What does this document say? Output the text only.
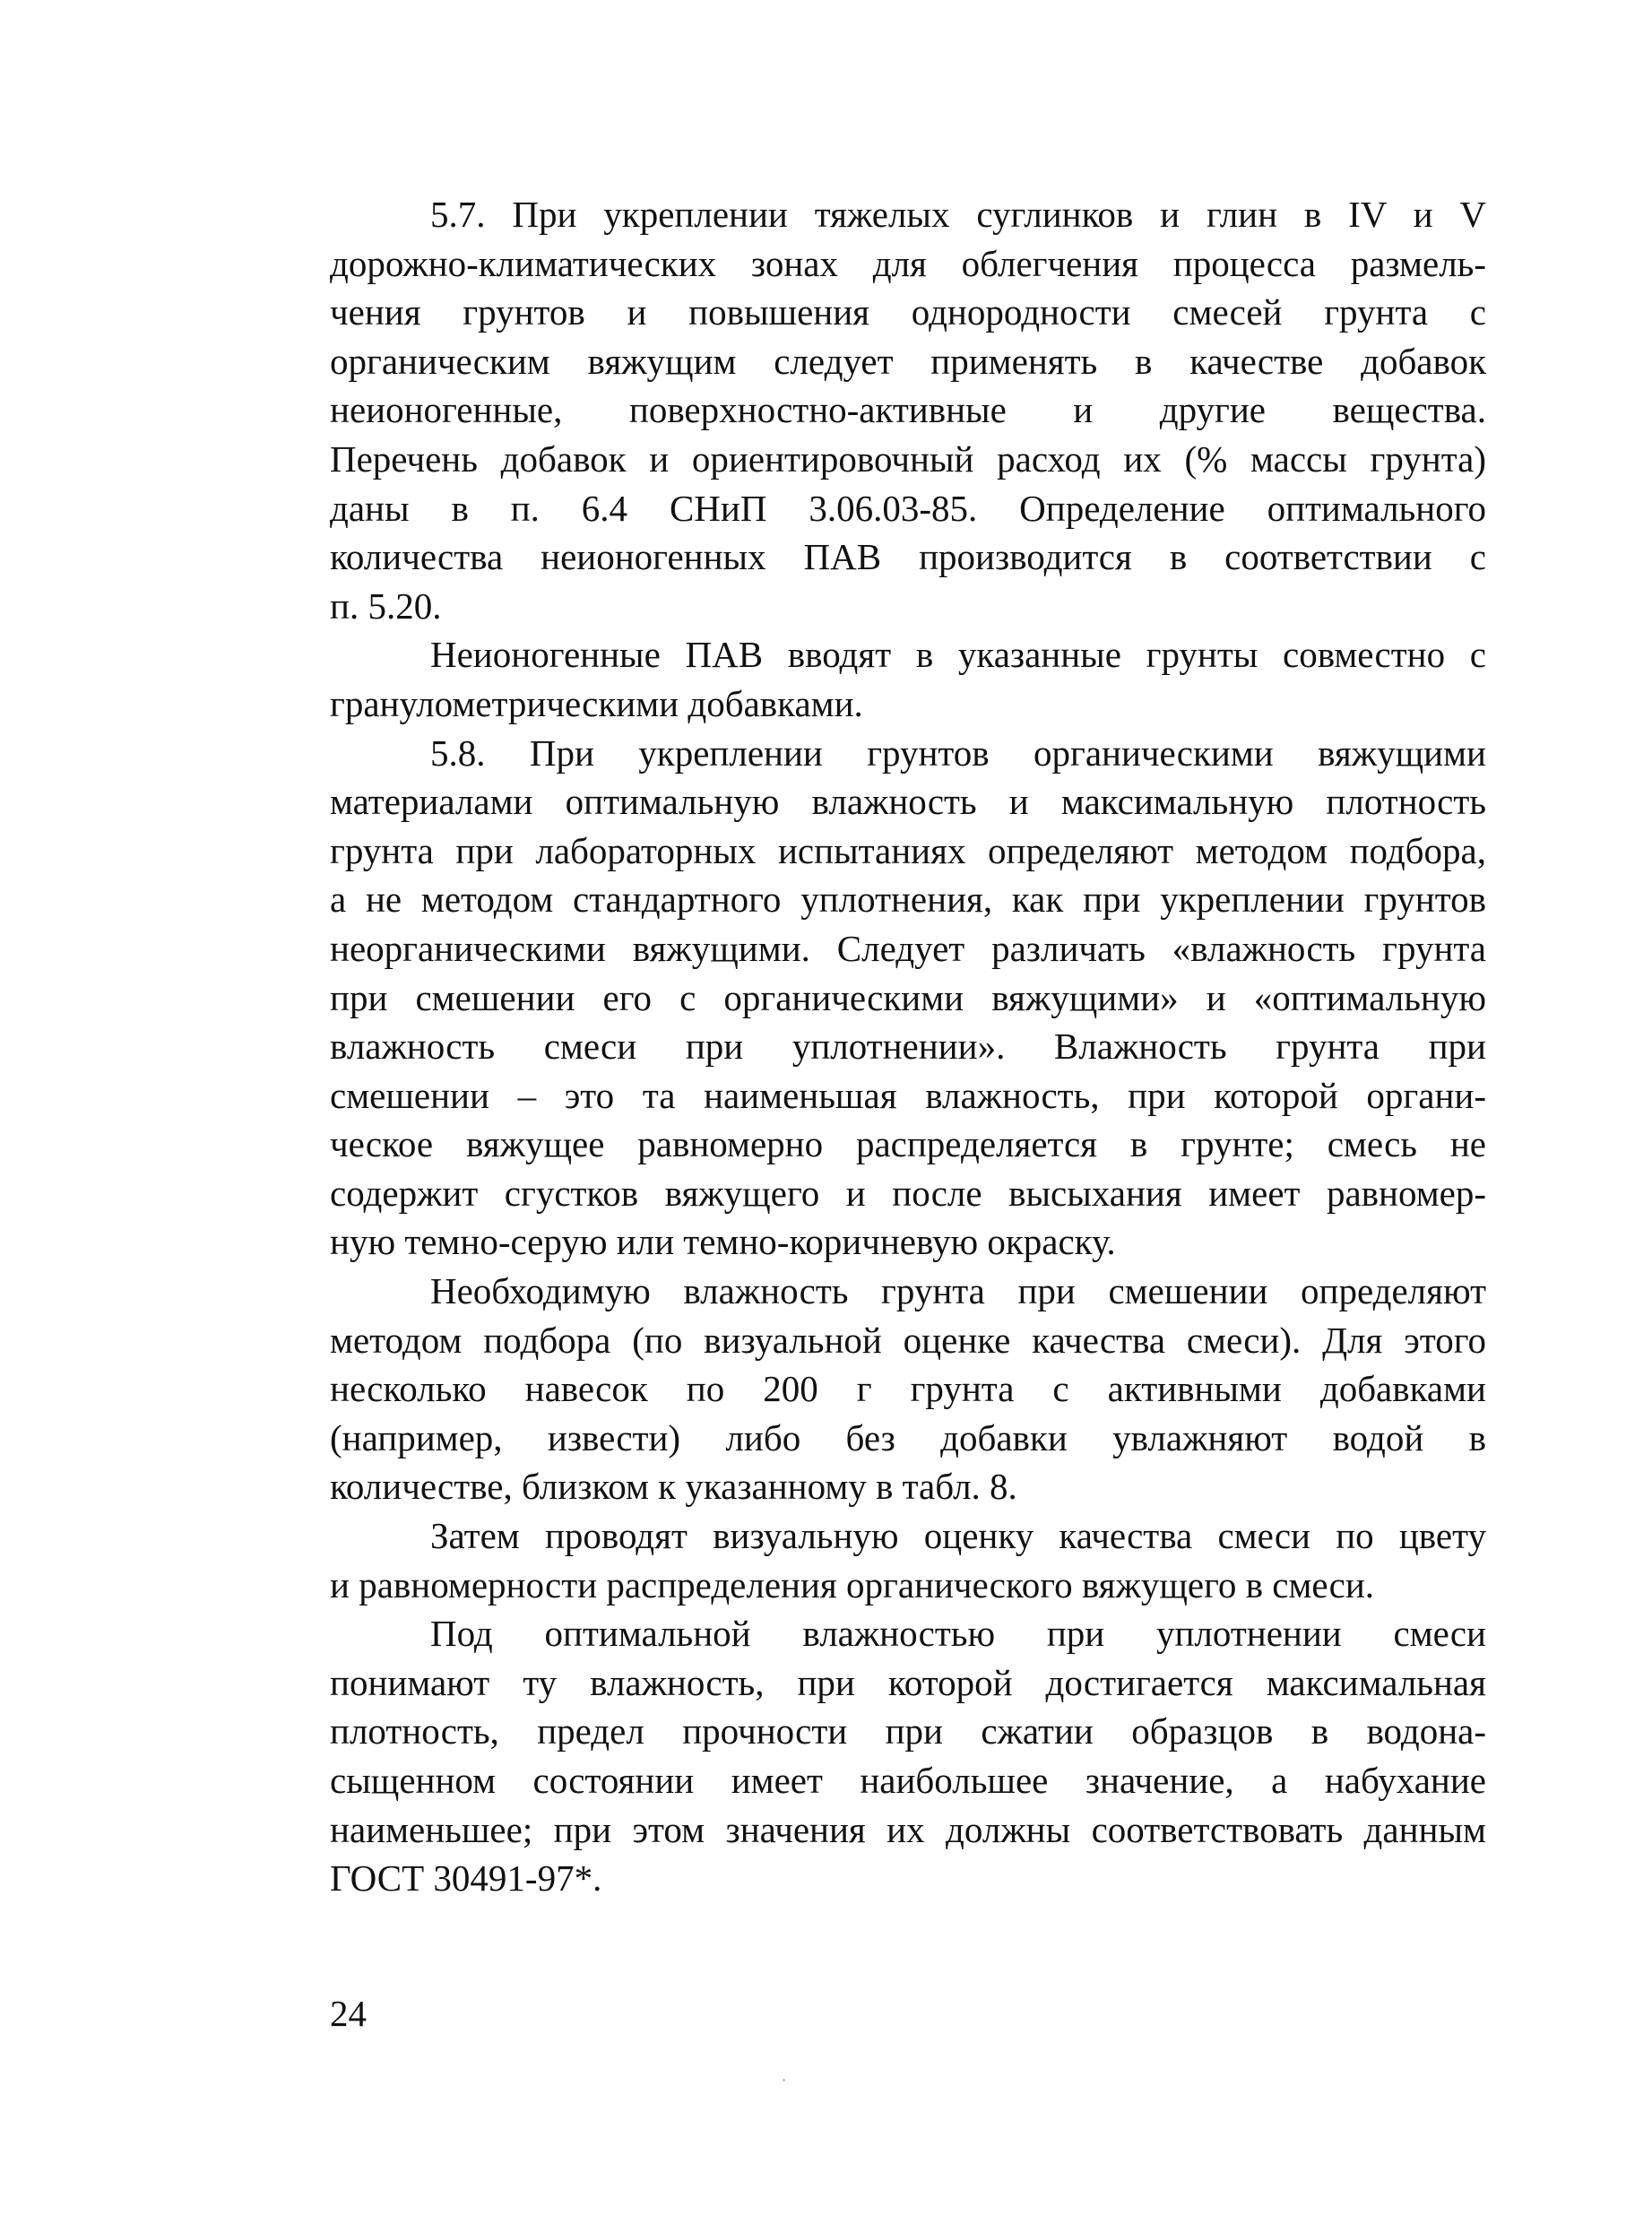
5.7. При укреплении тяжелых суглинков и глин в IV и V
дорожно-климатических зонах для облегчения процесса размель-
чения грунтов и повышения однородности смесей грунта с
органическим вяжущим следует применять в качестве добавок
неионогенные, поверхностно-активные и другие вещества.
Перечень добавок и ориентировочный расход их (% массы грунта)
даны в п. 6.4 СНиП 3.06.03-85. Определение оптимального
количества неионогенных ПАВ производится в соответствии с
п. 5.20.
Неионогенные ПАВ вводят в указанные грунты совместно с
гранулометрическими добавками.
5.8. При укреплении грунтов органическими вяжущими
материалами оптимальную влажность и максимальную плотность
грунта при лабораторных испытаниях определяют методом подбора,
а не методом стандартного уплотнения, как при укреплении грунтов
неорганическими вяжущими. Следует различать «влажность грунта
при смешении его с органическими вяжущими» и «оптимальную
влажность смеси при уплотнении». Влажность грунта при
смешении – это та наименьшая влажность, при которой органи-
ческое вяжущее равномерно распределяется в грунте; смесь не
содержит сгустков вяжущего и после высыхания имеет равномер-
ную темно-серую или темно-коричневую окраску.
Необходимую влажность грунта при смешении определяют
методом подбора (по визуальной оценке качества смеси). Для этого
несколько навесок по 200 г грунта с активными добавками
(например, извести) либо без добавки увлажняют водой в
количестве, близком к указанному в табл. 8.
Затем проводят визуальную оценку качества смеси по цвету
и равномерности распределения органического вяжущего в смеси.
Под оптимальной влажностью при уплотнении смеси
понимают ту влажность, при которой достигается максимальная
плотность, предел прочности при сжатии образцов в водона-
сыщенном состоянии имеет наибольшее значение, а набухание
наименьшее; при этом значения их должны соответствовать данным
ГОСТ 30491-97*.
24
